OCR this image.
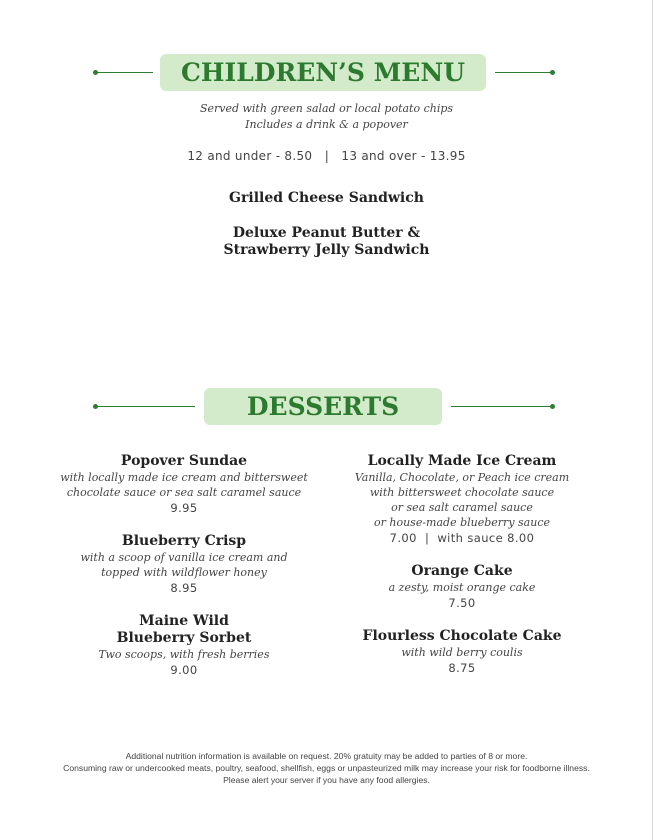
CHILDREN’S MENU
Served with green salad or local potato chips
Includes a drink & a popover
12 and under - 8.50   |   13 and over - 13.95
Grilled Cheese Sandwich
Deluxe Peanut Butter &
Strawberry Jelly Sandwich
DESSERTS
Popover Sundae
with locally made ice cream and bittersweet
chocolate sauce or sea salt caramel sauce
9.95
Blueberry Crisp
with a scoop of vanilla ice cream and
topped with wildflower honey
8.95
Maine Wild
Blueberry Sorbet
Two scoops, with fresh berries
9.00
Locally Made Ice Cream
Vanilla, Chocolate, or Peach ice cream
with bittersweet chocolate sauce
or sea salt caramel sauce
or house-made blueberry sauce
7.00  |  with sauce 8.00
Orange Cake
a zesty, moist orange cake
7.50
Flourless Chocolate Cake
with wild berry coulis
8.75
Additional nutrition information is available on request. 20% gratuity may be added to parties of 8 or more.
Consuming raw or undercooked meats, poultry, seafood, shellfish, eggs or unpasteurized milk may increase your risk for foodborne illness.
Please alert your server if you have any food allergies.
